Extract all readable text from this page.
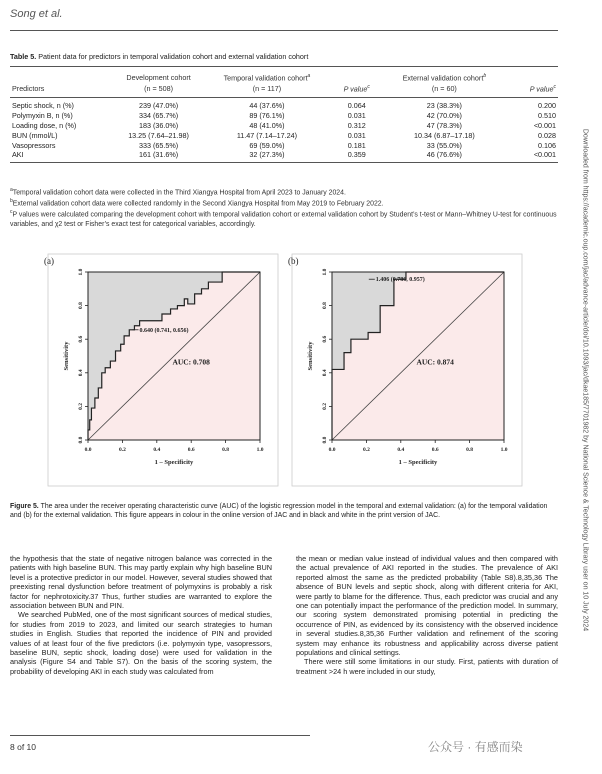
Song et al.
Table 5. Patient data for predictors in temporal validation cohort and external validation cohort
	Development cohort	Temporal validation cohort$^a$		External validation cohort$^b$	
Predictors	(n = 508)	(n = 117)	P value$^c$	(n = 60)	P value$^c$
Septic shock, n (%)	239 (47.0%)	44 (37.6%)	0.064	23 (38.3%)	0.200
Polymyxin B, n (%)	334 (65.7%)	89 (76.1%)	0.031	42 (70.0%)	0.510
Loading dose, n (%)	183 (36.0%)	48 (41.0%)	0.312	47 (78.3%)	<0.001
BUN (mmol/L)	13.25 (7.64–21.98)	11.47 (7.14–17.24)	0.031	10.34 (6.87–17.18)	0.028
Vasopressors	333 (65.5%)	69 (59.0%)	0.181	33 (55.0%)	0.106
AKI	161 (31.6%)	32 (27.3%)	0.359	46 (76.6%)	<0.001
$^a$Temporal validation cohort data were collected in the Third Xiangya Hospital from April 2023 to January 2024.
$^b$External validation cohort data were collected randomly in the Second Xiangya Hospital from May 2019 to February 2022.
$^c$P values were calculated comparing the development cohort with temporal validation cohort or external validation cohort by Student’s t-test or Mann–Whitney U-test for continuous variables, and χ2 test or Fisher’s exact test for categorical variables, accordingly.
(a)
0.0	0.2	0.4	0.6	0.8	1.0
0.0
0.2
0.4
0.6
0.8
1.0
1 – Specificity
Sensitivity
0.640 (0.741, 0.656)
AUC: 0.708
(b)
0.0	0.2	0.4	0.6	0.8	1.0
0.0
0.2
0.4
0.6
0.8
1.0
1 – Specificity
Sensitivity
1.406 (0.786, 0.957)
AUC: 0.874
Figure 5. The area under the receiver operating characteristic curve (AUC) of the logistic regression model in the temporal and external validation: (a) for the temporal validation and (b) for the external validation. This figure appears in colour in the online version of JAC and in black and white in the print version of JAC.

the hypothesis that the state of negative nitrogen balance was corrected in the patients with high baseline BUN. This may partly explain why high baseline BUN level is a protective predictor in our model. However, several studies showed that preexisting renal dysfunction before treatment of polymyxins is probably a risk factor for nephrotoxicity.37 Thus, further studies are warranted to explore the association between BUN and PIN.

We searched PubMed, one of the most significant sources of medical studies, for studies from 2019 to 2023, and limited our search strategies to human studies in English. Studies that reported the incidence of PIN and provided values of at least four of the five predictors (i.e. polymyxin type, vasopressors, baseline BUN, septic shock, loading dose) were used for validation in the analysis (Figure S4 and Table S7). On the basis of the scoring system, the probability of developing AKI in each study was calculated from

the mean or median value instead of individual values and then compared with the actual prevalence of AKI reported in the studies. The prevalence of AKI reported almost the same as the predicted probability (Table S8).8,35,36 The absence of BUN levels and septic shock, along with different criteria for AKI, were partly to blame for the difference. Thus, each predictor was crucial and any one can potentially impact the performance of the prediction model. In summary, our scoring system demonstrated promising potential in predicting the occurrence of PIN, as evidenced by its consistency with the observed incidence in several studies.8,35,36 Further validation and refinement of the scoring system may enhance its robustness and applicability across diverse patient populations and clinical settings.

There were still some limitations in our study. First, patients with duration of treatment >24 h were included in our study,

Downloaded from https://academic.oup.com/jac/advance-article/doi/10.1093/jac/dkae185/7701982 by National Science & Technology Library user on 10 July 2024
8 of 10	公众号 · 有感而染
